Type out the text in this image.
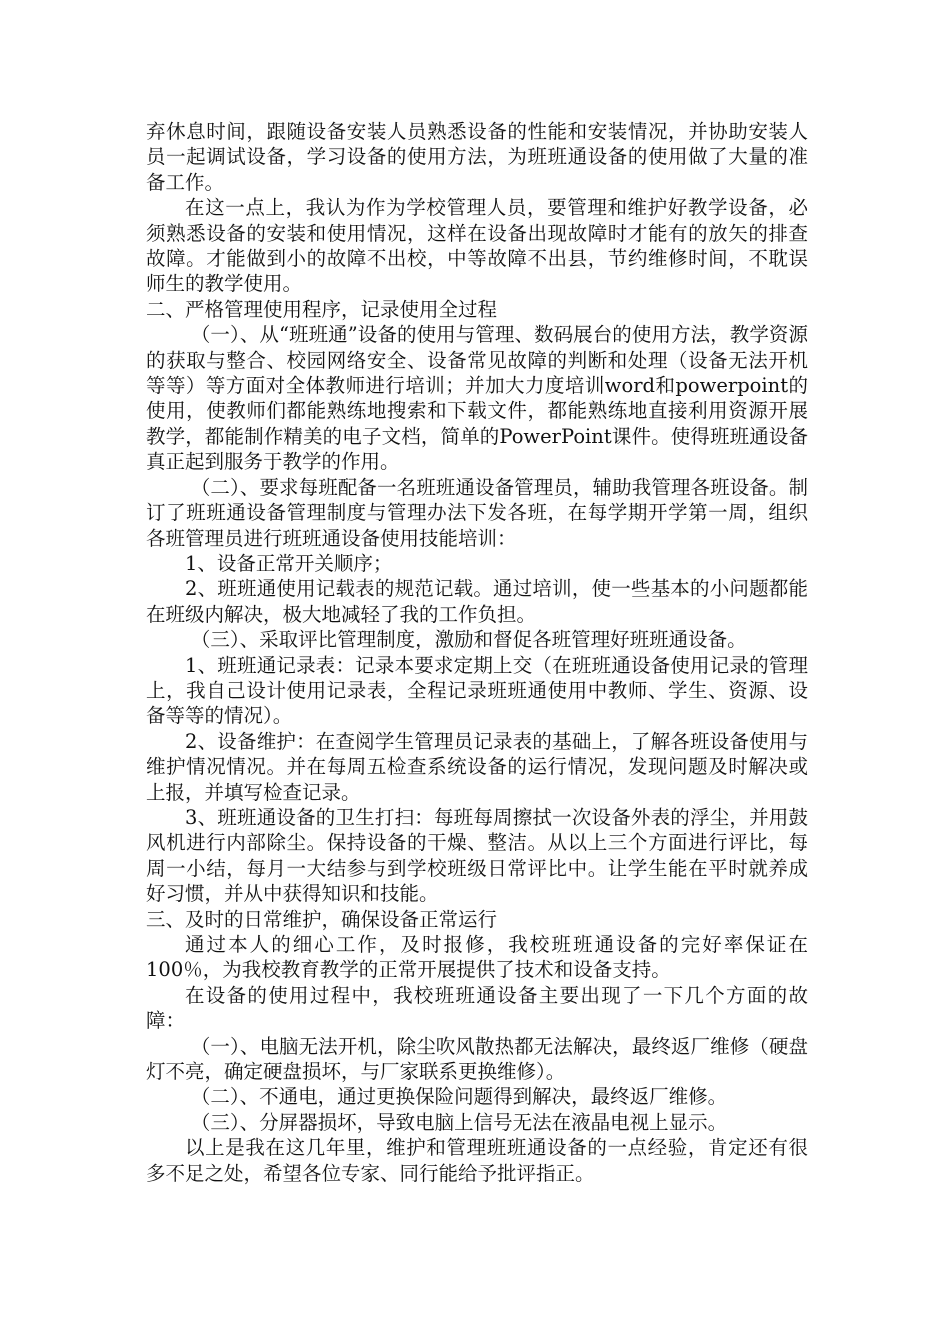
弃休息时间，跟随设备安装人员熟悉设备的性能和安装情况，并协助安装人员一起调试设备，学习设备的使用方法，为班班通设备的使用做了大量的准备工作。

在这一点上，我认为作为学校管理人员，要管理和维护好教学设备，必须熟悉设备的安装和使用情况，这样在设备出现故障时才能有的放矢的排查故障。才能做到小的故障不出校，中等故障不出县，节约维修时间，不耽误师生的教学使用。

二、严格管理使用程序，记录使用全过程

（一）、从“班班通”设备的使用与管理、数码展台的使用方法，教学资源的获取与整合、校园网络安全、设备常见故障的判断和处理（设备无法开机等等）等方面对全体教师进行培训；并加大力度培训word和powerpoint的使用，使教师们都能熟练地搜索和下载文件，都能熟练地直接利用资源开展教学，都能制作精美的电子文档，简单的PowerPoint课件。使得班班通设备真正起到服务于教学的作用。

（二）、要求每班配备一名班班通设备管理员，辅助我管理各班设备。制订了班班通设备管理制度与管理办法下发各班，在每学期开学第一周，组织各班管理员进行班班通设备使用技能培训：

1、设备正常开关顺序；

2、班班通使用记载表的规范记载。通过培训，使一些基本的小问题都能在班级内解决，极大地减轻了我的工作负担。

（三）、采取评比管理制度，激励和督促各班管理好班班通设备。

1、班班通记录表：记录本要求定期上交（在班班通设备使用记录的管理上，我自己设计使用记录表，全程记录班班通使用中教师、学生、资源、设备等等的情况）。

2、设备维护：在查阅学生管理员记录表的基础上，了解各班设备使用与维护情况情况。并在每周五检查系统设备的运行情况，发现问题及时解决或上报，并填写检查记录。

3、班班通设备的卫生打扫：每班每周擦拭一次设备外表的浮尘，并用鼓风机进行内部除尘。保持设备的干燥、整洁。从以上三个方面进行评比，每周一小结，每月一大结参与到学校班级日常评比中。让学生能在平时就养成好习惯，并从中获得知识和技能。

三、及时的日常维护，确保设备正常运行

通过本人的细心工作，及时报修，我校班班通设备的完好率保证在100％，为我校教育教学的正常开展提供了技术和设备支持。

在设备的使用过程中，我校班班通设备主要出现了一下几个方面的故障：

（一）、电脑无法开机，除尘吹风散热都无法解决，最终返厂维修（硬盘灯不亮，确定硬盘损坏，与厂家联系更换维修）。

（二）、不通电，通过更换保险问题得到解决，最终返厂维修。

（三）、分屏器损坏，导致电脑上信号无法在液晶电视上显示。

以上是我在这几年里，维护和管理班班通设备的一点经验，肯定还有很多不足之处，希望各位专家、同行能给予批评指正。
